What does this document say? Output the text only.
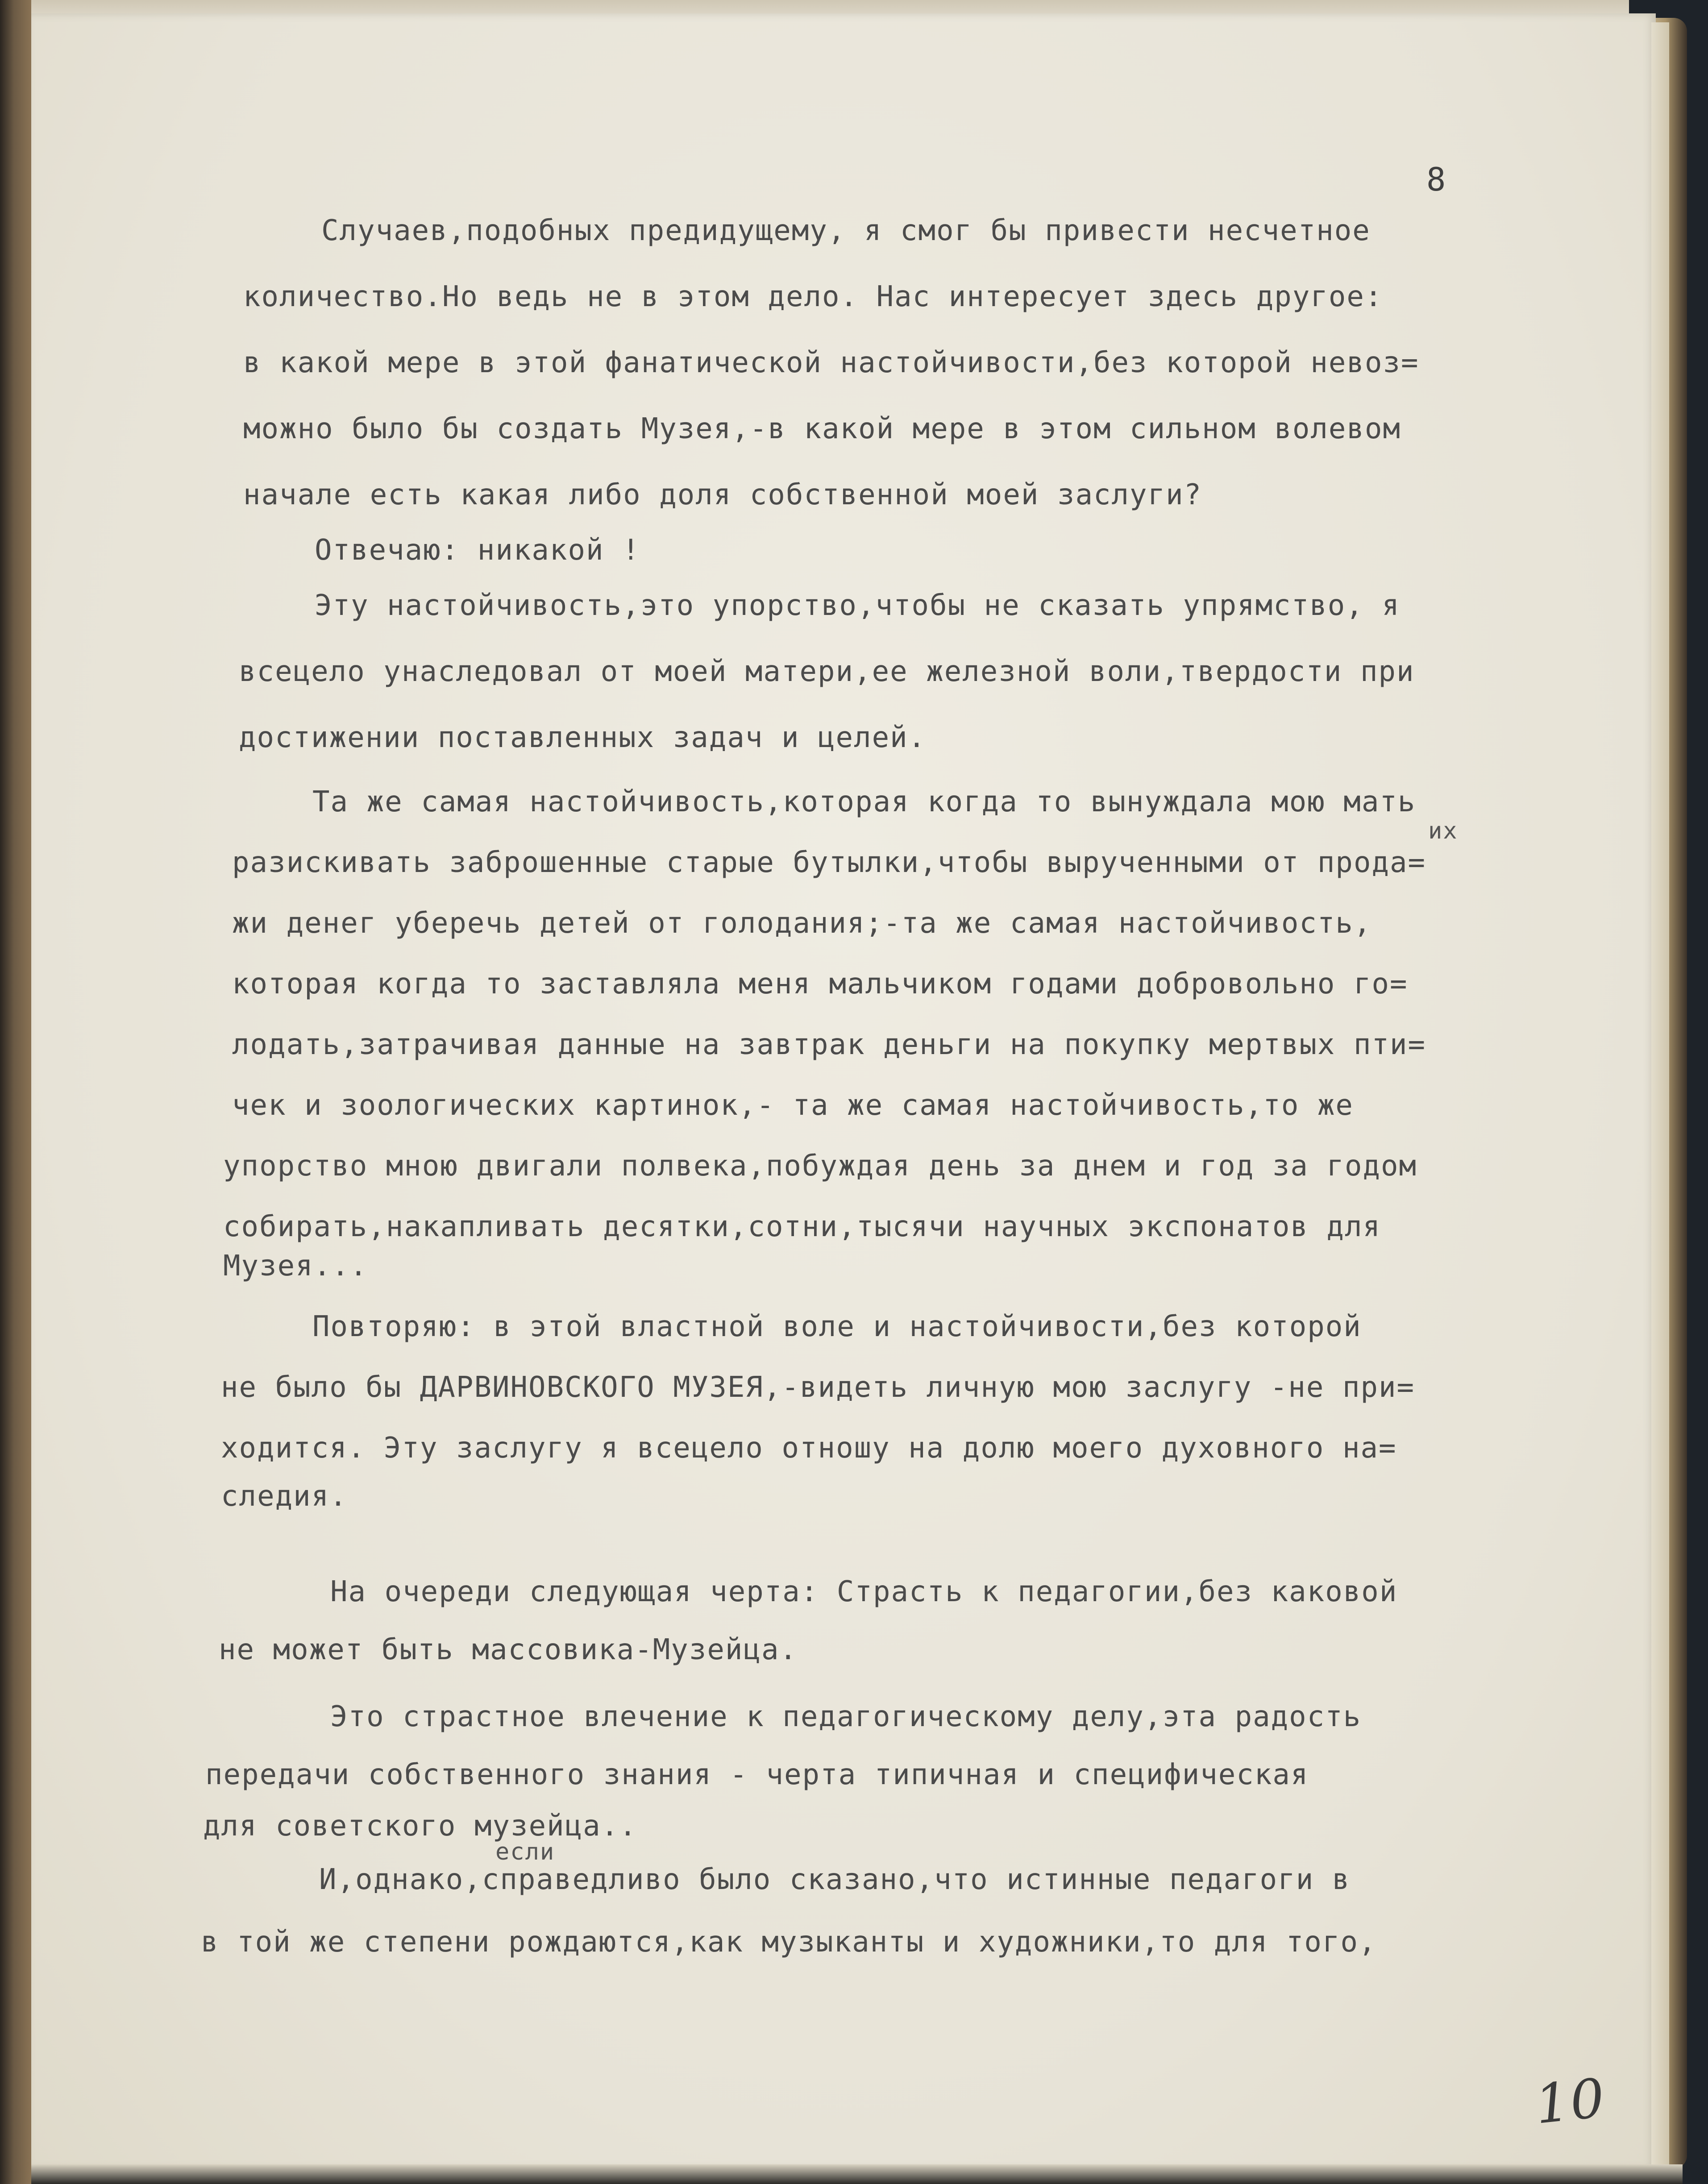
8
Случаев,подобных предидущему, я смог бы привести несчетное
количество.Но ведь не в этом дело. Нас интересует здесь другое:
в какой мере в этой фанатической настойчивости,без которой невоз=
можно было бы создать Музея,-в какой мере в этом сильном волевом
начале есть какая либо доля собственной моей заслуги?
Отвечаю: никакой !
Эту настойчивость,это упорство,чтобы не сказать упрямство, я
всецело унаследовал от моей матери,ее железной воли,твердости при
достижении поставленных задач и целей.
Та же самая настойчивость,которая когда то вынуждала мою мать
их
разискивать заброшенные старые бутылки,чтобы вырученными от прода=
жи денег уберечь детей от голодания;-та же самая настойчивость,
которая когда то заставляла меня мальчиком годами добровольно го=
лодать,затрачивая данные на завтрак деньги на покупку мертвых пти=
чек и зоологических картинок,- та же самая настойчивость,то же
упорство мною двигали полвека,побуждая день за днем и год за годом
собирать,накапливать десятки,сотни,тысячи научных экспонатов для
Музея...
Повторяю: в этой властной воле и настойчивости,без которой
не было бы ДАРВИНОВСКОГО МУЗЕЯ,-видеть личную мою заслугу -не при=
ходится. Эту заслугу я всецело отношу на долю моего духовного на=
следия.
На очереди следующая черта: Страсть к педагогии,без каковой
не может быть массовика-Музейца.
Это страстное влечение к педагогическому делу,эта радость
передачи собственного знания - черта типичная и специфическая
для советского музейца..
если
И,однако,справедливо было сказано,что истинные педагоги в
в той же степени рождаются,как музыканты и художники,то для того,
10
